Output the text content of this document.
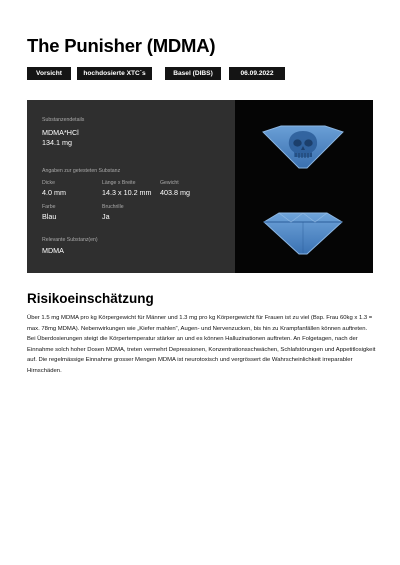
The Punisher (MDMA)
Vorsicht	hochdosierte XTC´s	Basel (DIBS)	06.09.2022
Substanzendetails
MDMA*HCl
134.1 mg
Angaben zur getesteten Substanz
Dicke
4.0 mm
Länge x Breite
14.3 x 10.2 mm
Gewicht
403.8 mg
Farbe
Blau
Bruchrille
Ja
Relevante Substanz(en)
MDMA
Risikoeinschätzung
Über 1.5 mg MDMA pro kg Körpergewicht für Männer und 1.3 mg pro kg Körpergewicht für Frauen ist zu viel (Bsp. Frau 60kg x 1.3 = max. 78mg MDMA). Nebenwirkungen wie „Kiefer mahlen“, Augen- und Nervenzucken, bis hin zu Krampfanfällen können auftreten. Bei Überdosierungen steigt die Körpertemperatur stärker an und es können Halluzinationen auftreten. An Folgetagen, nach der Einnahme solch hoher Dosen MDMA, treten vermehrt Depressionen, Konzentrationsschwächen, Schlafstörungen und Appetitlosigkeit auf. Die regelmässige Einnahme grosser Mengen MDMA ist neurotoxisch und vergrössert die Wahrscheinlichkeit irreparabler Hirnschäden.
